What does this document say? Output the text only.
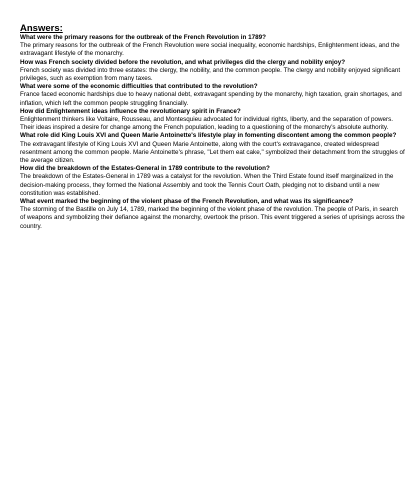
Answers:

What were the primary reasons for the outbreak of the French Revolution in 1789?

The primary reasons for the outbreak of the French Revolution were social inequality, economic hardships, Enlightenment ideas, and the extravagant lifestyle of the monarchy.

How was French society divided before the revolution, and what privileges did the clergy and nobility enjoy?

French society was divided into three estates: the clergy, the nobility, and the common people. The clergy and nobility enjoyed significant privileges, such as exemption from many taxes.

What were some of the economic difficulties that contributed to the revolution?

France faced economic hardships due to heavy national debt, extravagant spending by the monarchy, high taxation, grain shortages, and inflation, which left the common people struggling financially.

How did Enlightenment ideas influence the revolutionary spirit in France?

Enlightenment thinkers like Voltaire, Rousseau, and Montesquieu advocated for individual rights, liberty, and the separation of powers. Their ideas inspired a desire for change among the French population, leading to a questioning of the monarchy's absolute authority.

What role did King Louis XVI and Queen Marie Antoinette's lifestyle play in fomenting discontent among the common people?

The extravagant lifestyle of King Louis XVI and Queen Marie Antoinette, along with the court's extravagance, created widespread resentment among the common people. Marie Antoinette's phrase, "Let them eat cake," symbolized their detachment from the struggles of the average citizen.

How did the breakdown of the Estates-General in 1789 contribute to the revolution?

The breakdown of the Estates-General in 1789 was a catalyst for the revolution. When the Third Estate found itself marginalized in the decision-making process, they formed the National Assembly and took the Tennis Court Oath, pledging not to disband until a new constitution was established.

What event marked the beginning of the violent phase of the French Revolution, and what was its significance?

The storming of the Bastille on July 14, 1789, marked the beginning of the violent phase of the revolution. The people of Paris, in search of weapons and symbolizing their defiance against the monarchy, overtook the prison. This event triggered a series of uprisings across the country.
